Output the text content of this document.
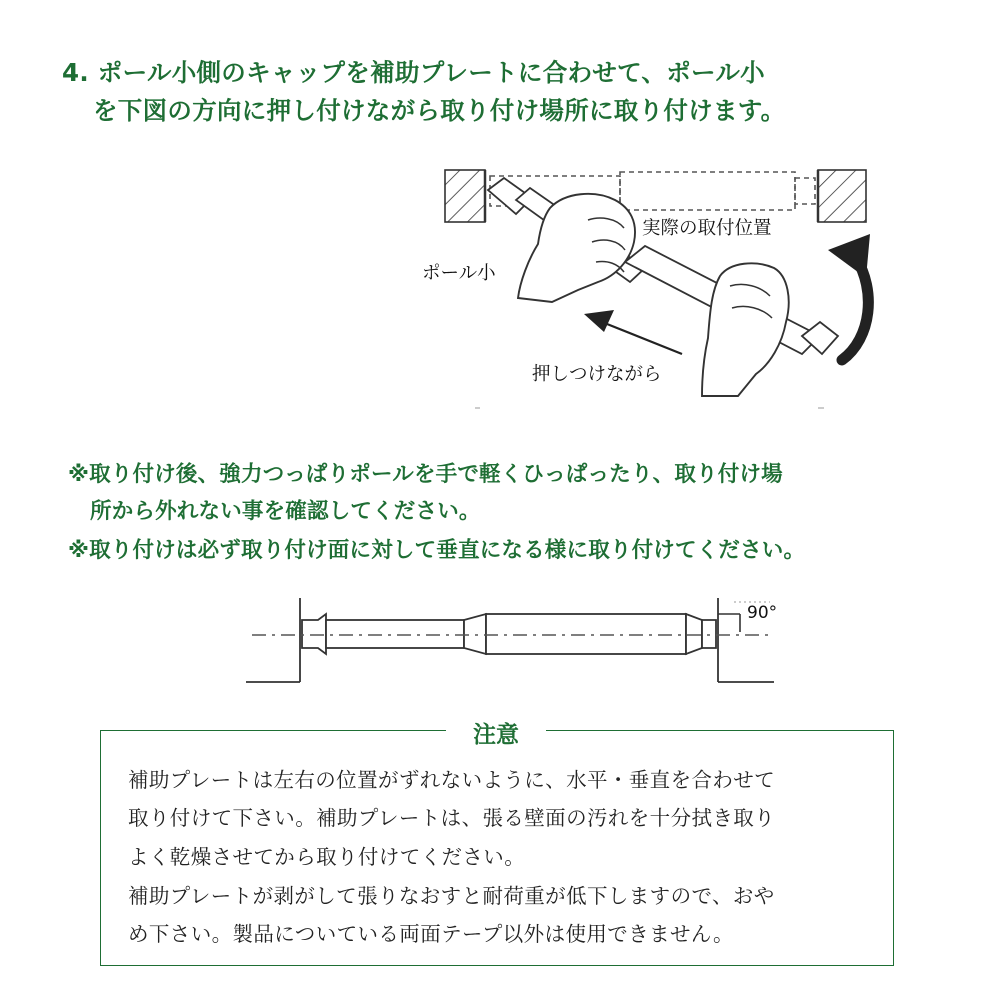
4. ポール小側のキャップを補助プレートに合わせて、ポール小
を下図の方向に押し付けながら取り付け場所に取り付けます。
実際の取付位置
ポール小
押しつけながら
※取り付け後、強力つっぱりポールを手で軽くひっぱったり、取り付け場
所から外れない事を確認してください。
※取り付けは必ず取り付け面に対して垂直になる様に取り付けてください。
90°
注意
補助プレートは左右の位置がずれないように、水平・垂直を合わせて
取り付けて下さい。補助プレートは、張る壁面の汚れを十分拭き取り
よく乾燥させてから取り付けてください。
補助プレートが剥がして張りなおすと耐荷重が低下しますので、おや
め下さい。製品についている両面テープ以外は使用できません。
